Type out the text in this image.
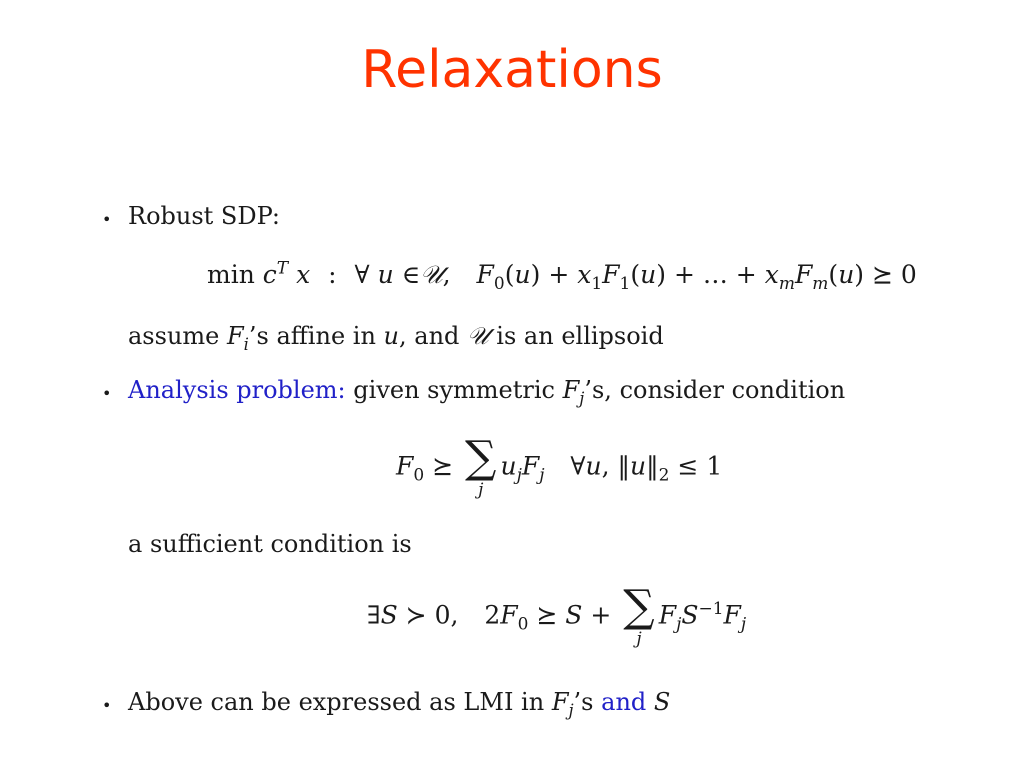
Relaxations
• Robust SDP:
$\min c^T$ x : ∀ u ∈𝒰, $F_0(u) + x_1F_1(u)$ + … + $x_mF_m(u)$ ⪰ 0
assume $F_i’s$ affine in u, and 𝒰 is an ellipsoid
• Analysis problem: given symmetric $F_j’s$, consider condition
$F_0$ ⪰ ∑
j
$u_jF_j$ ∀u, $‖u‖_2 \le 1$
a sufficient condition is
∃S ≻ 0, $2F_0$ ⪰ S + ∑
j
$F_jS^{-1}F_j$
• Above can be expressed as LMI in $F_j’s$ and S
